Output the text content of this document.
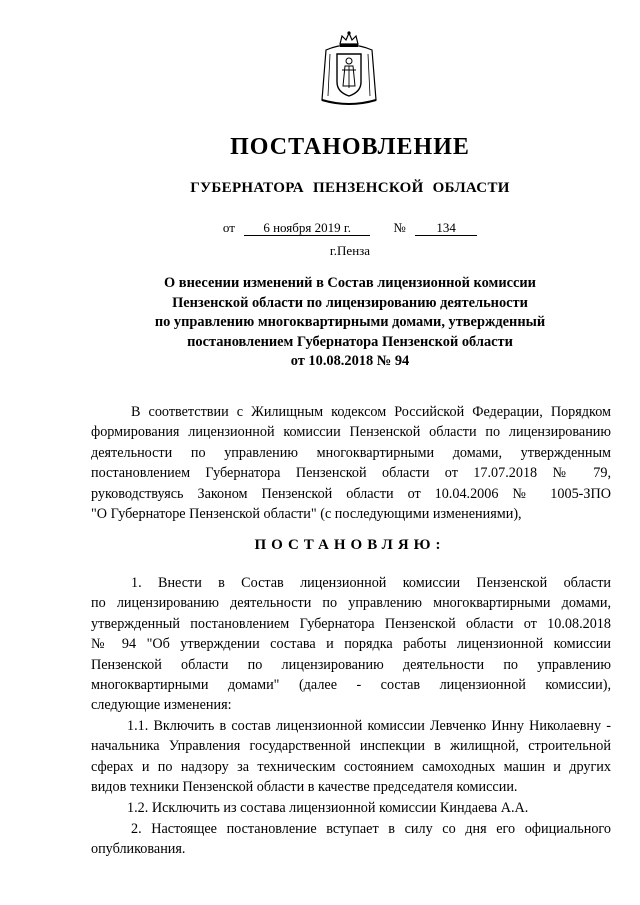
ПОСТАНОВЛЕНИЕ
ГУБЕРНАТОРА ПЕНЗЕНСКОЙ ОБЛАСТИ
от 6 ноября 2019 г.	№ 134
г.Пенза
О внесении изменений в Состав лицензионной комиссии
Пензенской области по лицензированию деятельности
по управлению многоквартирными домами, утвержденный
постановлением Губернатора Пензенской области
от 10.08.2018 № 94
В соответствии с Жилищным кодексом Российской Федерации, Порядком
формирования лицензионной комиссии Пензенской области по лицензированию
деятельности по управлению многоквартирными домами, утвержденным
постановлением Губернатора Пензенской области от 17.07.2018 № 79,
руководствуясь Законом Пензенской области от 10.04.2006 № 1005-ЗПО
"О Губернаторе Пензенской области" (с последующими изменениями),
ПОСТАНОВЛЯЮ:
1. Внести в Состав лицензионной комиссии Пензенской области
по лицензированию деятельности по управлению многоквартирными домами,
утвержденный постановлением Губернатора Пензенской области от 10.08.2018
№ 94 "Об утверждении состава и порядка работы лицензионной комиссии
Пензенской области по лицензированию деятельности по управлению
многоквартирными домами" (далее - состав лицензионной комиссии),
следующие изменения:
1.1. Включить в состав лицензионной комиссии Левченко Инну Николаевну -
начальника Управления государственной инспекции в жилищной, строительной
сферах и по надзору за техническим состоянием самоходных машин и других
видов техники Пензенской области в качестве председателя комиссии.
1.2. Исключить из состава лицензионной комиссии Киндаева А.А.
2. Настоящее постановление вступает в силу со дня его официального
опубликования.
